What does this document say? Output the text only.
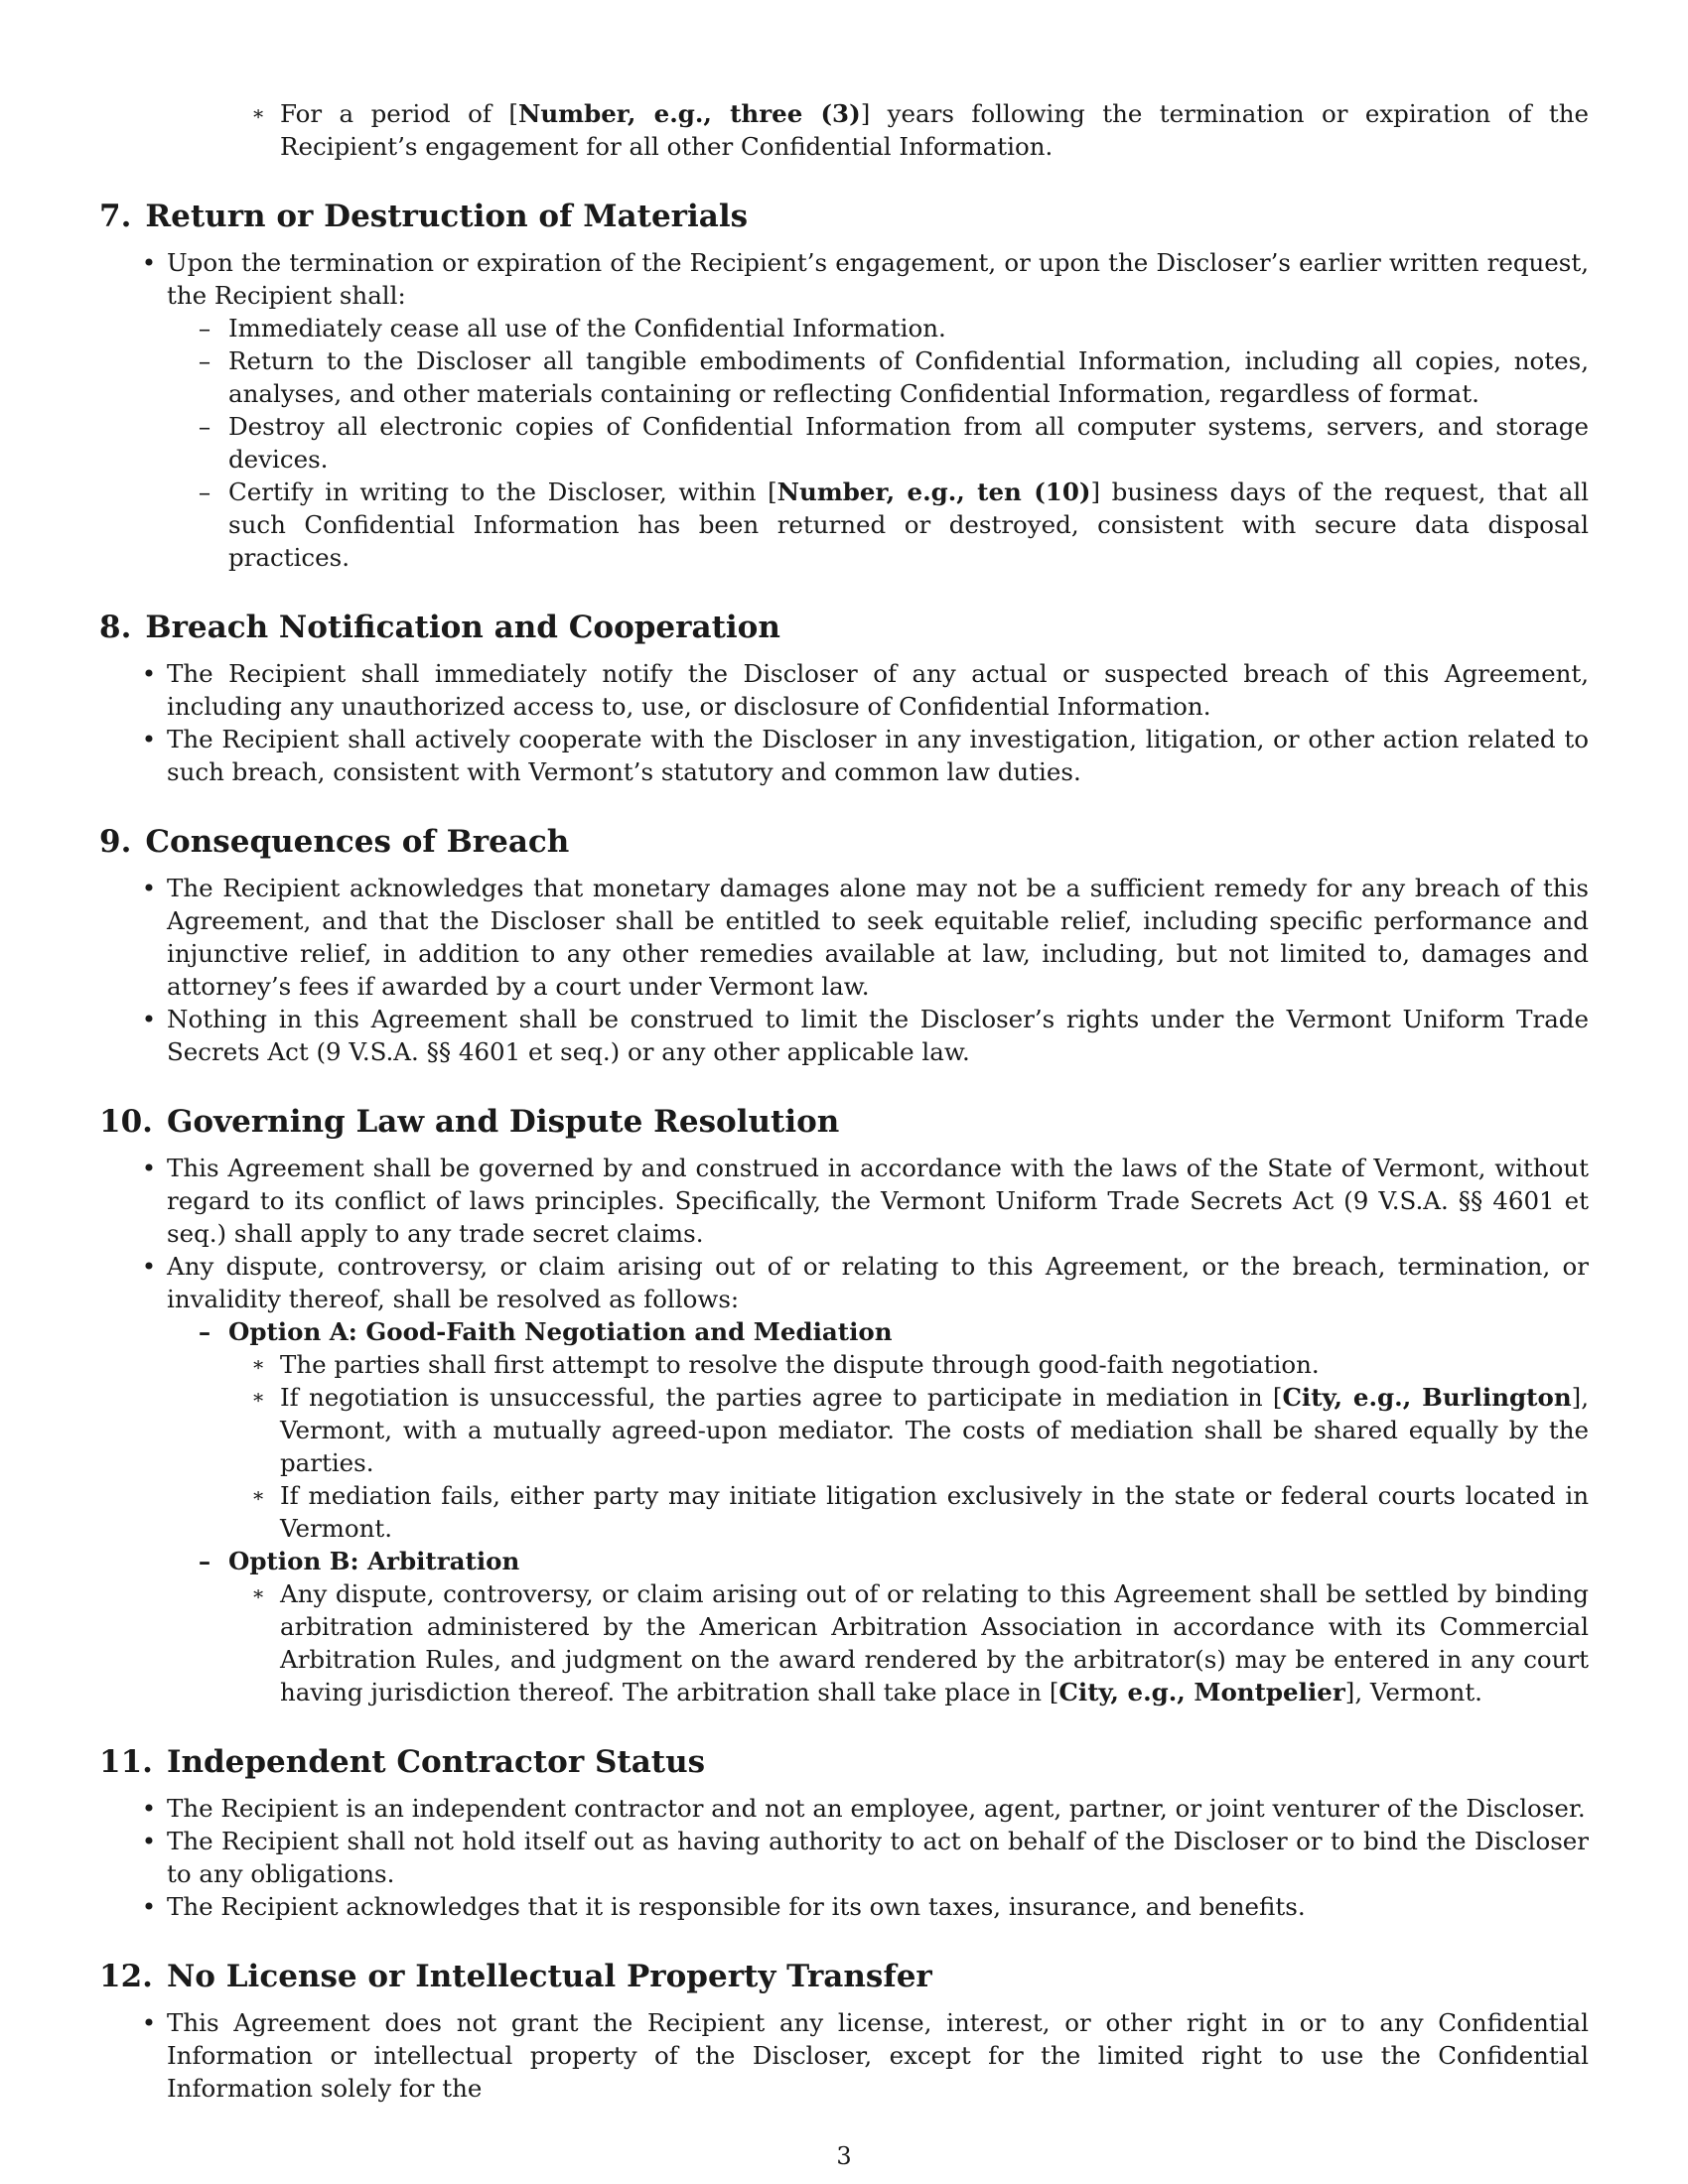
∗ For a period of [Number, e.g., three (3)] years following the termination or expiration of the Recipient’s engagement for all other Confidential Information.

7. Return or Destruction of Materials
• Upon the termination or expiration of the Recipient’s engagement, or upon the Discloser’s earlier written request, the Recipient shall:

– Immediately cease all use of the Confidential Information.

– Return to the Discloser all tangible embodiments of Confidential Information, including all copies, notes, analyses, and other materials containing or reflecting Confidential Information, regardless of format.

– Destroy all electronic copies of Confidential Information from all computer systems, servers, and storage devices.

– Certify in writing to the Discloser, within [Number, e.g., ten (10)] business days of the request, that all such Confidential Information has been returned or destroyed, consistent with secure data disposal practices.

8. Breach Notification and Cooperation
• The Recipient shall immediately notify the Discloser of any actual or suspected breach of this Agreement, including any unauthorized access to, use, or disclosure of Confidential Information.

• The Recipient shall actively cooperate with the Discloser in any investigation, litigation, or other action related to such breach, consistent with Vermont’s statutory and common law duties.

9. Consequences of Breach
• The Recipient acknowledges that monetary damages alone may not be a sufficient remedy for any breach of this Agreement, and that the Discloser shall be entitled to seek equitable relief, including specific performance and injunctive relief, in addition to any other remedies available at law, including, but not limited to, damages and attorney’s fees if awarded by a court under Vermont law.

• Nothing in this Agreement shall be construed to limit the Discloser’s rights under the Vermont Uniform Trade Secrets Act (9 V.S.A. §§ 4601 et seq.) or any other applicable law.

10. Governing Law and Dispute Resolution
• This Agreement shall be governed by and construed in accordance with the laws of the State of Vermont, without regard to its conflict of laws principles. Specifically, the Vermont Uniform Trade Secrets Act (9 V.S.A. §§ 4601 et seq.) shall apply to any trade secret claims.

• Any dispute, controversy, or claim arising out of or relating to this Agreement, or the breach, termination, or invalidity thereof, shall be resolved as follows:

– Option A: Good-Faith Negotiation and Mediation

∗ The parties shall first attempt to resolve the dispute through good-faith negotiation.

∗ If negotiation is unsuccessful, the parties agree to participate in mediation in [City, e.g., Burlington], Vermont, with a mutually agreed-upon mediator. The costs of mediation shall be shared equally by the parties.

∗ If mediation fails, either party may initiate litigation exclusively in the state or federal courts located in Vermont.

– Option B: Arbitration

∗ Any dispute, controversy, or claim arising out of or relating to this Agreement shall be settled by binding arbitration administered by the American Arbitration Association in accordance with its Commercial Arbitration Rules, and judgment on the award rendered by the arbitrator(s) may be entered in any court having jurisdiction thereof. The arbitration shall take place in [City, e.g., Montpelier], Vermont.

11. Independent Contractor Status
• The Recipient is an independent contractor and not an employee, agent, partner, or joint venturer of the Discloser.

• The Recipient shall not hold itself out as having authority to act on behalf of the Discloser or to bind the Discloser to any obligations.

• The Recipient acknowledges that it is responsible for its own taxes, insurance, and benefits.

12. No License or Intellectual Property Transfer
• This Agreement does not grant the Recipient any license, interest, or other right in or to any Confidential Information or intellectual property of the Discloser, except for the limited right to use the Confidential Information solely for the

3
